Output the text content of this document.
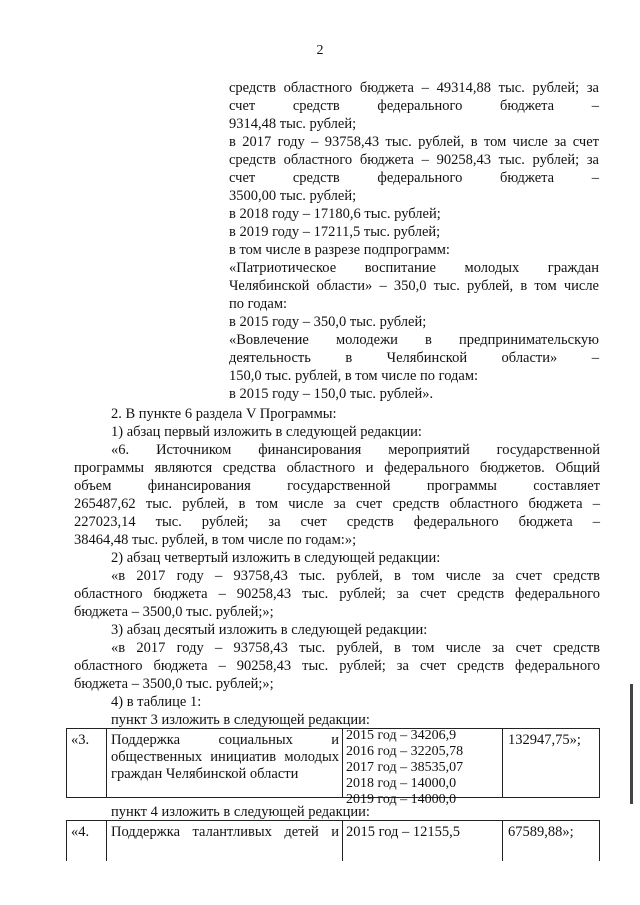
2
средств областного бюджета – 49314,88 тыс. рублей; за
счет средств федерального бюджета –
9314,48 тыс. рублей;
в 2017 году – 93758,43 тыс. рублей, в том числе за счет
средств областного бюджета – 90258,43 тыс. рублей; за
счет средств федерального бюджета –
3500,00 тыс. рублей;
в 2018 году – 17180,6 тыс. рублей;
в 2019 году – 17211,5 тыс. рублей;
в том числе в разрезе подпрограмм:
«Патриотическое воспитание молодых граждан
Челябинской области» – 350,0 тыс. рублей, в том числе
по годам:
в 2015 году – 350,0 тыс. рублей;
«Вовлечение молодежи в предпринимательскую
деятельность в Челябинской области» –
150,0 тыс. рублей, в том числе по годам:
в 2015 году – 150,0 тыс. рублей».
2. В пункте 6 раздела V Программы:
1) абзац первый изложить в следующей редакции:
«6. Источником финансирования мероприятий государственной
программы являются средства областного и федерального бюджетов. Общий
объем финансирования государственной программы составляет
265487,62 тыс. рублей, в том числе за счет средств областного бюджета –
227023,14 тыс. рублей; за счет средств федерального бюджета –
38464,48 тыс. рублей, в том числе по годам:»;
2) абзац четвертый изложить в следующей редакции:
«в 2017 году – 93758,43 тыс. рублей, в том числе за счет средств
областного бюджета – 90258,43 тыс. рублей; за счет средств федерального
бюджета – 3500,0 тыс. рублей;»;
3) абзац десятый изложить в следующей редакции:
«в 2017 году – 93758,43 тыс. рублей, в том числе за счет средств
областного бюджета – 90258,43 тыс. рублей; за счет средств федерального
бюджета – 3500,0 тыс. рублей;»;
4) в таблице 1:
пункт 3 изложить в следующей редакции:
«3. Поддержка социальных и
общественных инициатив молодых
граждан Челябинской области
2015 год – 34206,9
2016 год – 32205,78
2017 год – 38535,07
2018 год – 14000,0
2019 год – 14000,0
132947,75»;
пункт 4 изложить в следующей редакции:
«4. Поддержка талантливых детей и 2015 год – 12155,5	67589,88»;
